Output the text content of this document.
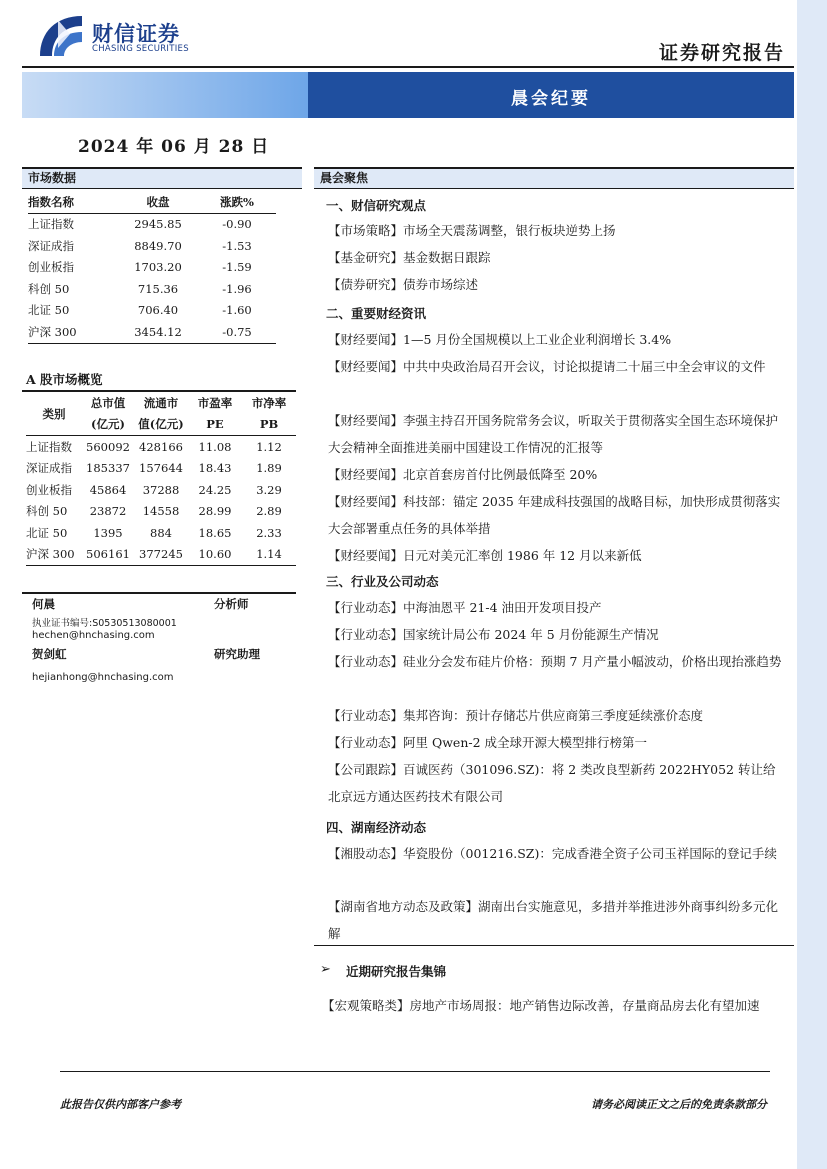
财信证券
CHASING SECURITIES	证券研究报告
晨会纪要
2024 年 06 月 28 日
市场数据
指数名称	收盘	涨跌%
上证指数	2945.85	-0.90
深证成指	8849.70	-1.53
创业板指	1703.20	-1.59
科创 50	715.36	-1.96
北证 50	706.40	-1.60
沪深 300	3454.12	-0.75
A 股市场概览
类别	总市值	流通市	市盈率	市净率
	(亿元)	值(亿元)	PE	PB
上证指数	560092	428166	11.08	1.12
深证成指	185337	157644	18.43	1.89
创业板指	45864	37288	24.25	3.29
科创 50	23872	14558	28.99	2.89
北证 50	1395	884	18.65	2.33
沪深 300	506161	377245	10.60	1.14
何晨	分析师
执业证书编号:S0530513080001
hechen@hnchasing.com
贺剑虹	研究助理
hejianhong@hnchasing.com
晨会聚焦
一、财信研究观点
【市场策略】市场全天震荡调整，银行板块逆势上扬
【基金研究】基金数据日跟踪
【债券研究】债券市场综述
二、重要财经资讯
【财经要闻】1—5 月份全国规模以上工业企业利润增长 3.4%
【财经要闻】中共中央政治局召开会议，讨论拟提请二十届三中全会审议的文件
【财经要闻】李强主持召开国务院常务会议，听取关于贯彻落实全国生态环境保护大会精神全面推进美丽中国建设工作情况的汇报等
【财经要闻】北京首套房首付比例最低降至 20%
【财经要闻】科技部：锚定 2035 年建成科技强国的战略目标，加快形成贯彻落实大会部署重点任务的具体举措
【财经要闻】日元对美元汇率创 1986 年 12 月以来新低
三、行业及公司动态
【行业动态】中海油恩平 21-4 油田开发项目投产
【行业动态】国家统计局公布 2024 年 5 月份能源生产情况
【行业动态】硅业分会发布硅片价格：预期 7 月产量小幅波动，价格出现抬涨趋势
【行业动态】集邦咨询：预计存储芯片供应商第三季度延续涨价态度
【行业动态】阿里 Qwen-2 成全球开源大模型排行榜第一
【公司跟踪】百诚医药（301096.SZ)：将 2 类改良型新药 2022HY052 转让给北京远方通达医药技术有限公司
四、湖南经济动态
【湘股动态】华瓷股份（001216.SZ)：完成香港全资子公司玉祥国际的登记手续
【湖南省地方动态及政策】湖南出台实施意见，多措并举推进涉外商事纠纷多元化解
➢ 近期研究报告集锦
【宏观策略类】房地产市场周报：地产销售边际改善，存量商品房去化有望加速
此报告仅供内部客户参考	请务必阅读正文之后的免责条款部分
